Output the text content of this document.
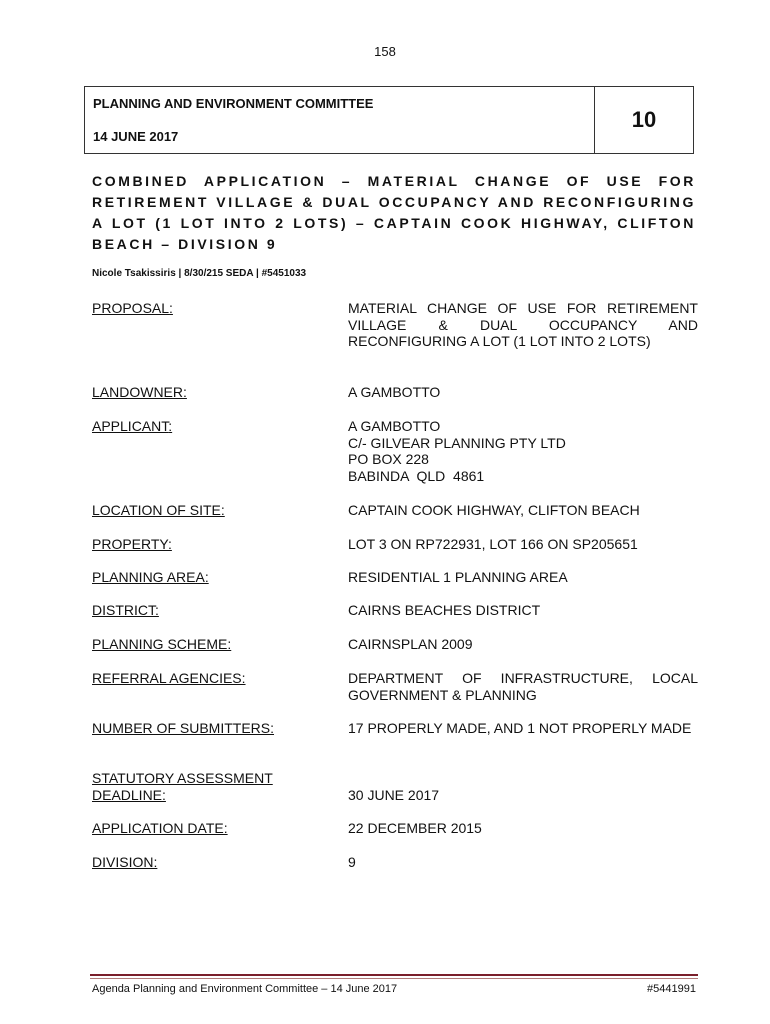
158
PLANNING AND ENVIRONMENT COMMITTEE
14 JUNE 2017
10
COMBINED APPLICATION – MATERIAL CHANGE OF USE FOR RETIREMENT VILLAGE & DUAL OCCUPANCY AND RECONFIGURING A LOT (1 LOT INTO 2 LOTS) – CAPTAIN COOK HIGHWAY, CLIFTON BEACH – DIVISION 9
Nicole Tsakissiris | 8/30/215 SEDA | #5451033
PROPOSAL:	MATERIAL CHANGE OF USE FOR RETIREMENT VILLAGE & DUAL OCCUPANCY AND RECONFIGURING A LOT (1 LOT INTO 2 LOTS)
LANDOWNER:	A GAMBOTTO
APPLICANT:	A GAMBOTTO
C/- GILVEAR PLANNING PTY LTD
PO BOX 228
BABINDA  QLD  4861
LOCATION OF SITE:	CAPTAIN COOK HIGHWAY, CLIFTON BEACH
PROPERTY:	LOT 3 ON RP722931, LOT 166 ON SP205651
PLANNING AREA:	RESIDENTIAL 1 PLANNING AREA
DISTRICT:	CAIRNS BEACHES DISTRICT
PLANNING SCHEME:	CAIRNSPLAN 2009
REFERRAL AGENCIES:	DEPARTMENT OF INFRASTRUCTURE, LOCAL GOVERNMENT & PLANNING
NUMBER OF SUBMITTERS:	17 PROPERLY MADE, AND 1 NOT PROPERLY MADE
STATUTORY ASSESSMENT
DEADLINE:	30 JUNE 2017
APPLICATION DATE:	22 DECEMBER 2015
DIVISION:	9
Agenda Planning and Environment Committee – 14 June 2017	#5441991
